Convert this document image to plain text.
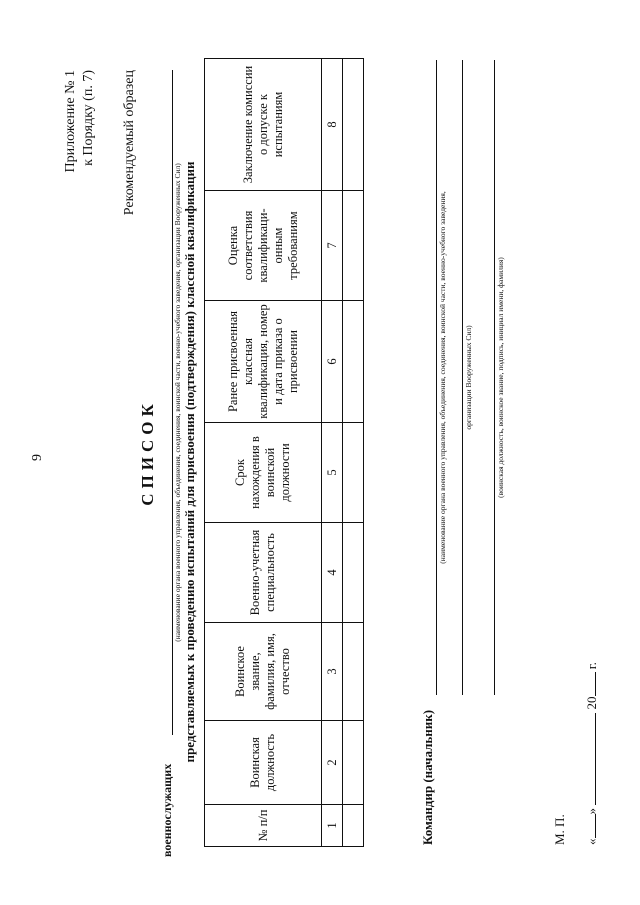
9
Приложение № 1 к Порядку (п. 7) Рекомендуемый образец
СПИСОК
военнослужащих
(наименование органа военного управления, объединения, соединения, воинской части, военно-учебного заведения, организации Вооруженных Сил) представляемых к проведению испытаний для присвоения (подтверждения) классной квалификации
№ п/п	Воинская должность	Воинское звание, фамилия, имя, отчество	Военно-учетная специальность	Срок нахождения в воинской должности	Ранее присвоенная классная квалификация, номер и дата приказа о присвоении	Оценка соответствия квалификаци-онным требованиям	Заключение комиссии о допуске к испытаниям
1	2	3	4	5	6	7	8

Командир (начальник)
(наименование органа военного управления, объединения, соединения, воинской части, военно-учебного заведения, организации Вооруженных Сил)	(воинская должность, воинское звание, подпись, инициал имени, фамилия)
М. П. «»  20 г.
